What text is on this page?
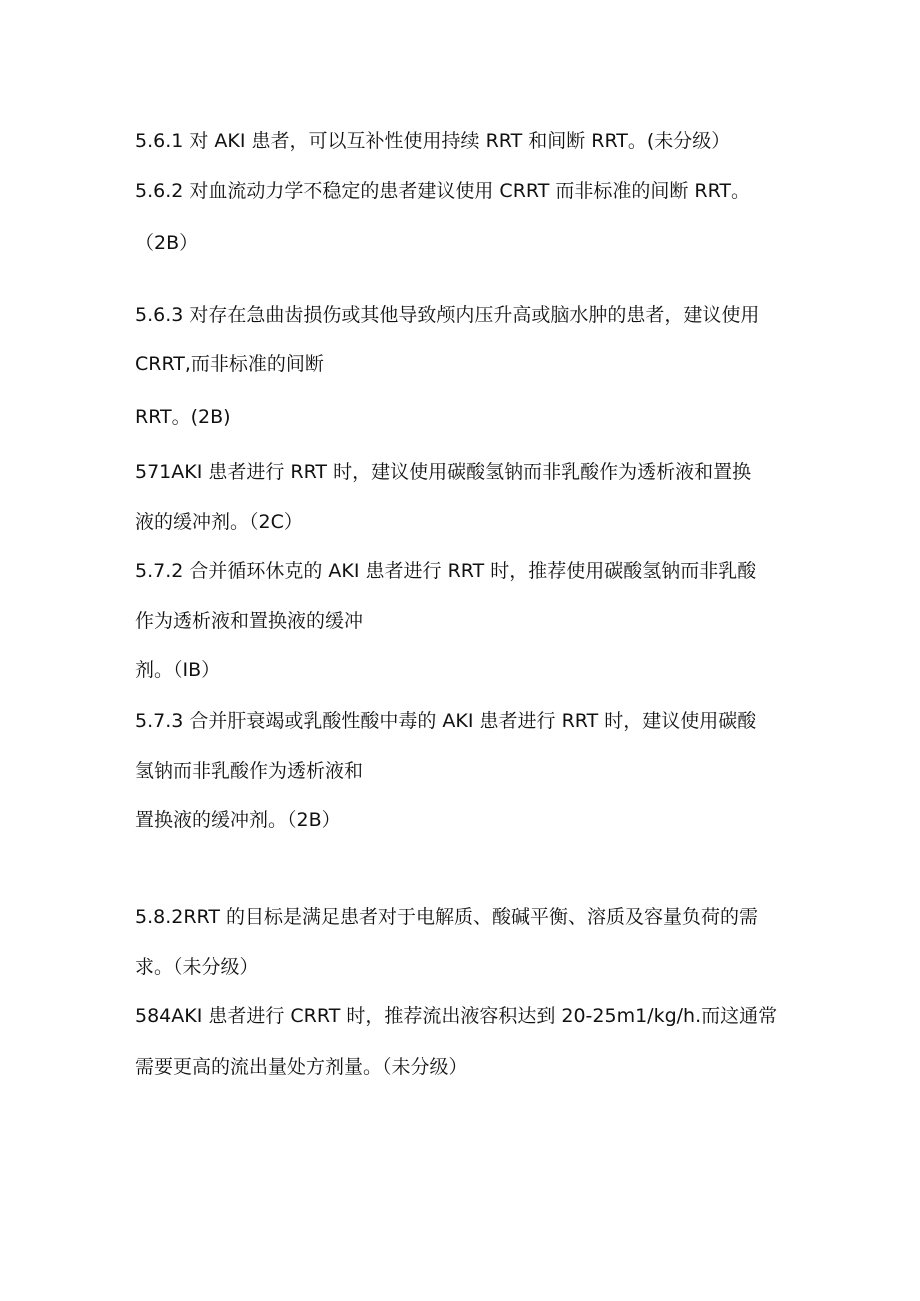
5.6.1 对 AKI 患者，可以互补性使用持续 RRT 和间断 RRT。(未分级）
5.6.2 对血流动力学不稳定的患者建议使用 CRRT 而非标准的间断 RRT。
（2B）
5.6.3 对存在急曲齿损伤或其他导致颅内压升高或脑水肿的患者，建议使用
CRRT,而非标准的间断
RRT。(2B)
571AKI 患者进行 RRT 时，建议使用碳酸氢钠而非乳酸作为透析液和置换
液的缓冲剂。（2C）
5.7.2 合并循环休克的 AKI 患者进行 RRT 时，推荐使用碳酸氢钠而非乳酸
作为透析液和置换液的缓冲
剂。（IB）
5.7.3 合并肝衰竭或乳酸性酸中毒的 AKI 患者进行 RRT 时，建议使用碳酸
氢钠而非乳酸作为透析液和
置换液的缓冲剂。（2B）
5.8.2RRT 的目标是满足患者对于电解质、酸碱平衡、溶质及容量负荷的需
求。（未分级）
584AKI 患者进行 CRRT 时，推荐流出液容积达到 20-25m1∕kg∕h.而这通常
需要更高的流出量处方剂量。（未分级）
